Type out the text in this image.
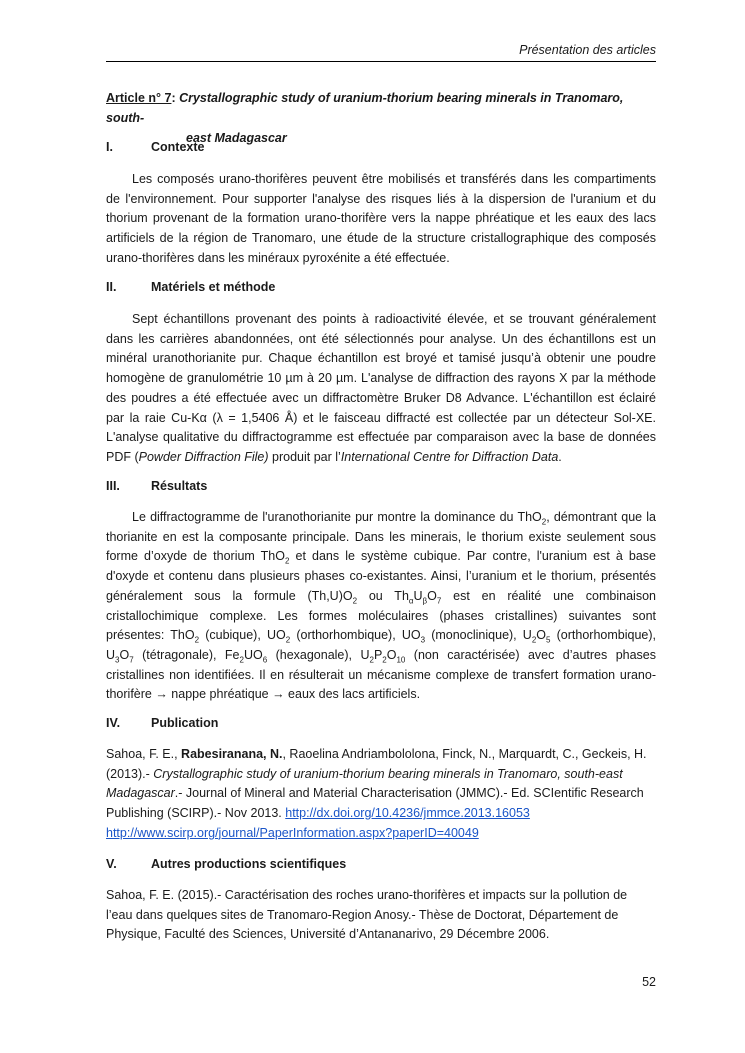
Présentation des articles
Article n° 7: Crystallographic study of uranium-thorium bearing minerals in Tranomaro, south-
east Madagascar
I.	Contexte

Les composés urano-thorifères peuvent être mobilisés et transférés dans les compartiments de l'environnement. Pour supporter l'analyse des risques liés à la dispersion de l'uranium et du thorium provenant de la formation urano-thorifère vers la nappe phréatique et les eaux des lacs artificiels de la région de Tranomaro, une étude de la structure cristallographique des composés urano-thorifères dans les minéraux pyroxénite a été effectuée.

II.	Matériels et méthode

Sept échantillons provenant des points à radioactivité élevée, et se trouvant généralement dans les carrières abandonnées, ont été sélectionnés pour analyse. Un des échantillons est un minéral uranothorianite pur. Chaque échantillon est broyé et tamisé jusqu’à obtenir une poudre homogène de granulométrie 10 µm à 20 µm. L'analyse de diffraction des rayons X par la méthode des poudres a été effectuée avec un diffractomètre Bruker D8 Advance. L'échantillon est éclairé par la raie Cu-Kα (λ = 1,5406 Å) et le faisceau diffracté est collectée par un détecteur Sol-XE. L'analyse qualitative du diffractogramme est effectuée par comparaison avec la base de données PDF (Powder Diffraction File) produit par l’International Centre for Diffraction Data.

III. Résultats

Le diffractogramme de l'uranothorianite pur montre la dominance du ThO$_2$, démontrant que la thorianite en est la composante principale. Dans les minerais, le thorium existe seulement sous forme d’oxyde de thorium ThO$_2$ et dans le système cubique. Par contre, l'uranium est à base d'oxyde et contenu dans plusieurs phases co-existantes. Ainsi, l’uranium et le thorium, présentés généralement sous la formule $(Th,U)O_2$ ou $Th_\alpha U_\beta O_7$ est en réalité une combinaison cristallochimique complexe. Les formes moléculaires (phases cristallines) suivantes sont présentes: ThO$_2$ (cubique), $UO_2$ (orthorhombique), $UO_3$ (monoclinique), $U_2O_5$ (orthorhombique), $U_3O_7$ (tétragonale), $Fe_2UO_6$ (hexagonale), $U_2P_2O_{10}$ (non caractérisée) avec d’autres phases cristallines non identifiées. Il en résulterait un mécanisme complexe de transfert formation urano-thorifère → nappe phréatique → eaux des lacs artificiels.

IV. Publication

Sahoa, F. E., Rabesiranana, N., Raoelina Andriambololona, Finck, N., Marquardt, C., Geckeis, H. (2013).- Crystallographic study of uranium-thorium bearing minerals in Tranomaro, south-east Madagascar.- Journal of Mineral and Material Characterisation (JMMC).- Ed. SCIentific Research Publishing (SCIRP).- Nov 2013. http://dx.doi.org/10.4236/jmmce.2013.16053
http://www.scirp.org/journal/PaperInformation.aspx?paperID=40049

V.	Autres productions scientifiques

Sahoa, F. E. (2015).- Caractérisation des roches urano-thorifères et impacts sur la pollution de l’eau dans quelques sites de Tranomaro-Region Anosy.- Thèse de Doctorat, Département de Physique, Faculté des Sciences, Université d’Antananarivo, 29 Décembre 2006.

52
